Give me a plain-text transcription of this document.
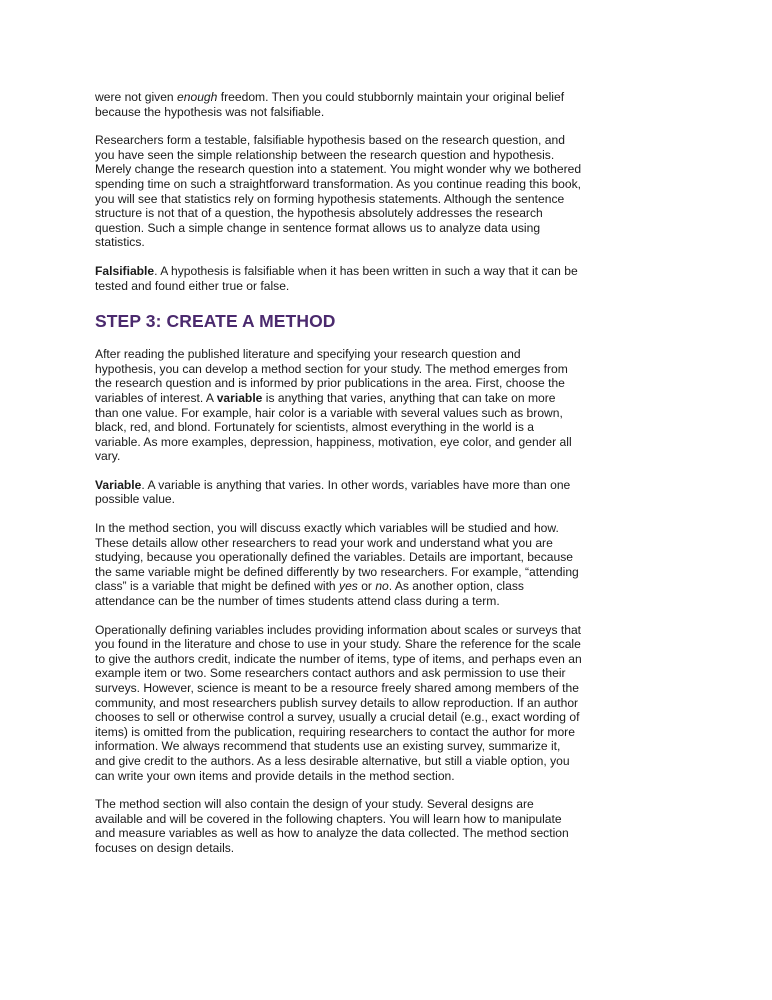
were not given enough freedom. Then you could stubbornly maintain your original belief because the hypothesis was not falsifiable.

Researchers form a testable, falsifiable hypothesis based on the research question, and you have seen the simple relationship between the research question and hypothesis. Merely change the research question into a statement. You might wonder why we bothered spending time on such a straightforward transformation. As you continue reading this book, you will see that statistics rely on forming hypothesis statements. Although the sentence structure is not that of a question, the hypothesis absolutely addresses the research question. Such a simple change in sentence format allows us to analyze data using statistics.

Falsifiable. A hypothesis is falsifiable when it has been written in such a way that it can be tested and found either true or false.

STEP 3: CREATE A METHOD

After reading the published literature and specifying your research question and hypothesis, you can develop a method section for your study. The method emerges from the research question and is informed by prior publications in the area. First, choose the variables of interest. A variable is anything that varies, anything that can take on more than one value. For example, hair color is a variable with several values such as brown, black, red, and blond. Fortunately for scientists, almost everything in the world is a variable. As more examples, depression, happiness, motivation, eye color, and gender all vary.

Variable. A variable is anything that varies. In other words, variables have more than one possible value.

In the method section, you will discuss exactly which variables will be studied and how. These details allow other researchers to read your work and understand what you are studying, because you operationally defined the variables. Details are important, because the same variable might be defined differently by two researchers. For example, “attending class” is a variable that might be defined with yes or no. As another option, class attendance can be the number of times students attend class during a term.

Operationally defining variables includes providing information about scales or surveys that you found in the literature and chose to use in your study. Share the reference for the scale to give the authors credit, indicate the number of items, type of items, and perhaps even an example item or two. Some researchers contact authors and ask permission to use their surveys. However, science is meant to be a resource freely shared among members of the community, and most researchers publish survey details to allow reproduction. If an author chooses to sell or otherwise control a survey, usually a crucial detail (e.g., exact wording of items) is omitted from the publication, requiring researchers to contact the author for more information. We always recommend that students use an existing survey, summarize it, and give credit to the authors. As a less desirable alternative, but still a viable option, you can write your own items and provide details in the method section.

The method section will also contain the design of your study. Several designs are available and will be covered in the following chapters. You will learn how to manipulate and measure variables as well as how to analyze the data collected. The method section focuses on design details.
